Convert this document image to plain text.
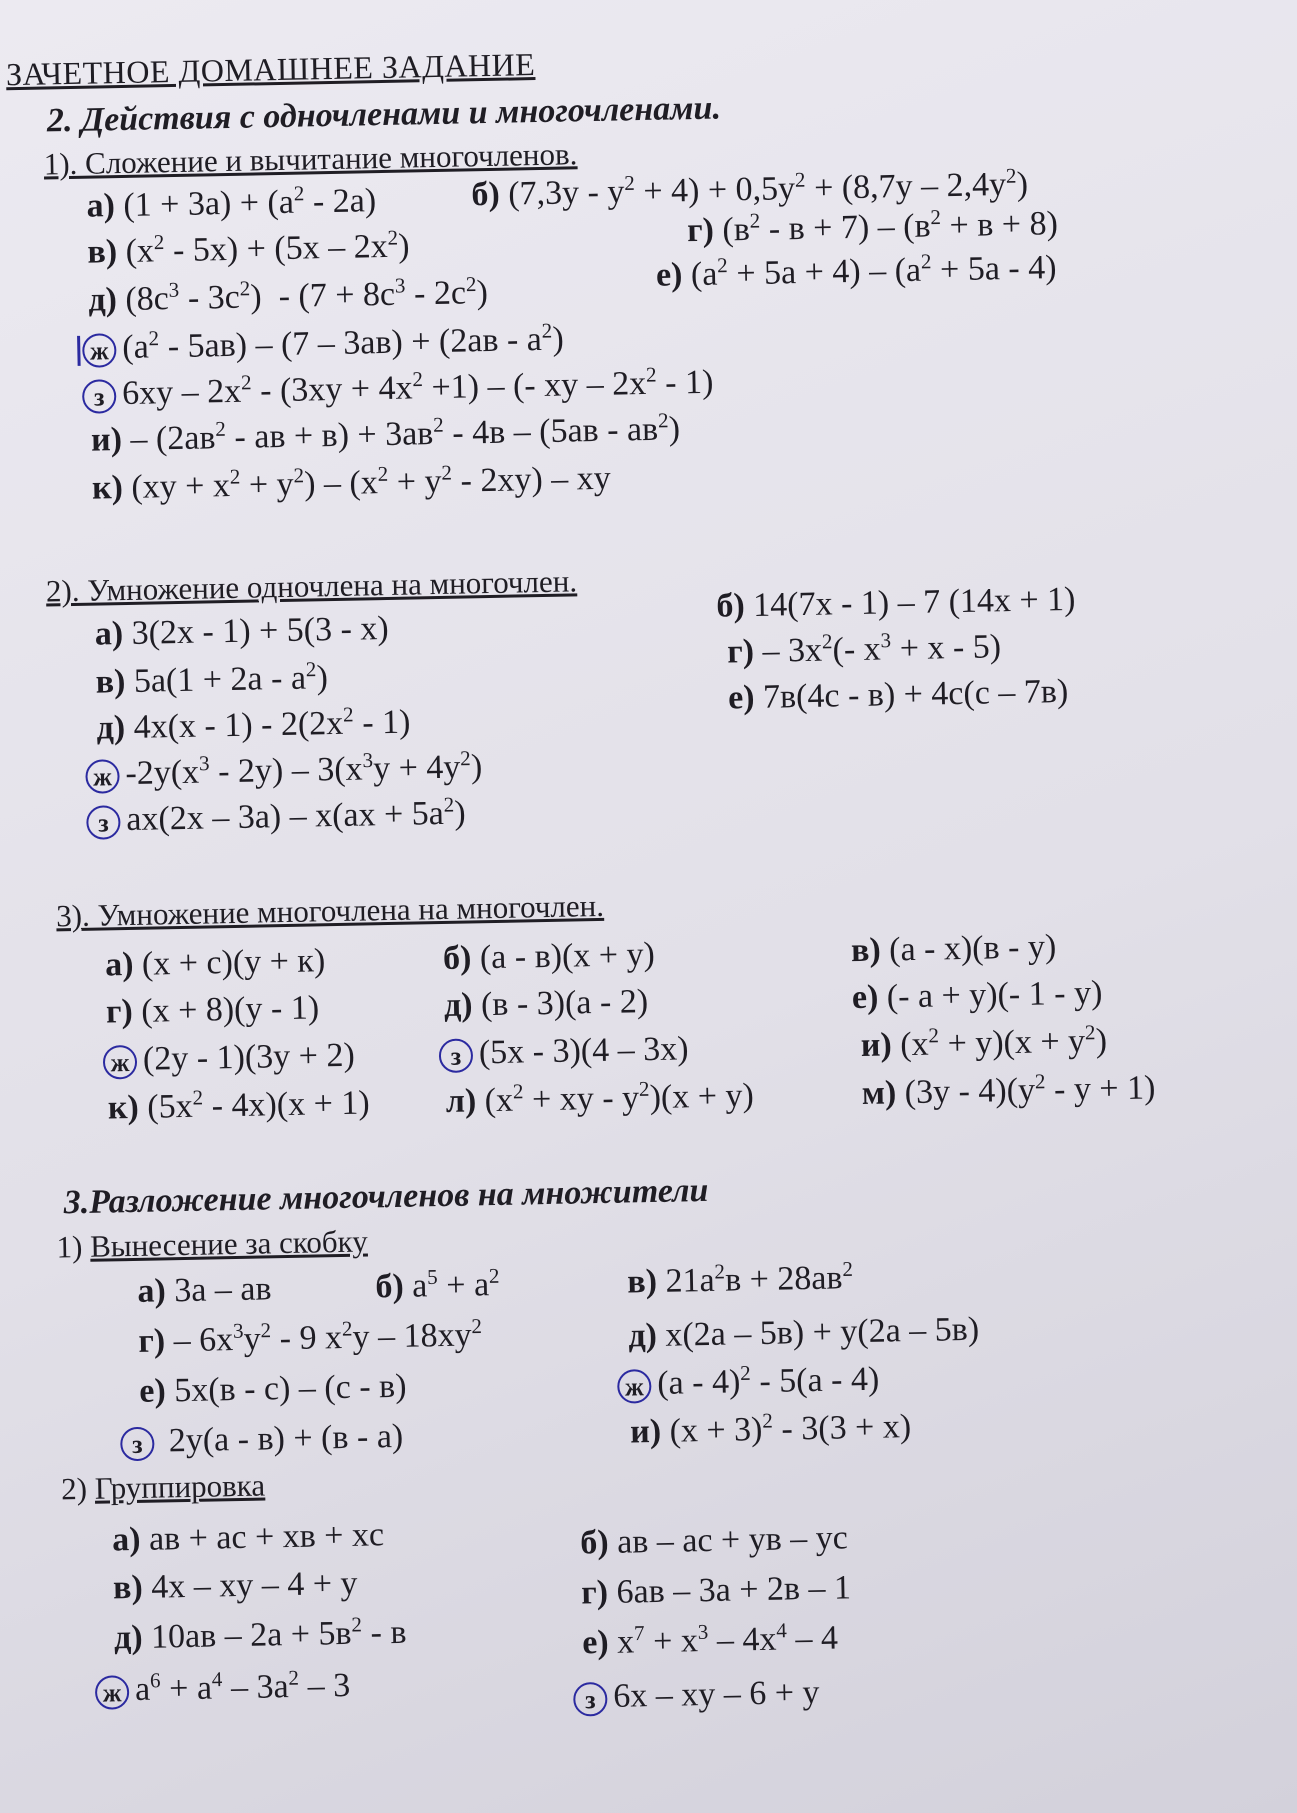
ЗАЧЕТНОЕ ДОМАШНЕЕ ЗАДАНИЕ
2. Действия с одночленами и многочленами.
1). Сложение и вычитание многочленов.
а) $(1 + 3a) + (a^2 - 2a)$	б) $(7,3y - y^2 + 4) + 0,5y^2 + (8,7y - 2,4y^2)$
г) $(в^2 - в + 7) - (в^2 + в + 8)$
в) $(x^2 - 5x) + (5x - 2x^2)$
е) $(a^2 + 5a + 4) - (a^2 + 5a - 4)$
д) $(8c^3 - 3c^2) - (7 + 8c^3 - 2c^2)$
ж $(a^2 - 5aв) - (7 - 3aв) + (2aв - a^2)$
з $6xy - 2x^2 - (3xy + 4x^2 +1)$ – (- xy – $2x^2 - 1$)
$и) - (2aв^2$ - aв + $в) + 3aв^2 - 4в - (5aв - aв^2)$
к) $(xy + x^2 + y^2) - (x^2 + y^2 - 2xy)$ – xy
2). Умножение одночлена на многочлен.
а) 3(2x - 1) + 5(3 - x)
б) 14(7x - 1) – 7 (14x + 1)
$г) - 3x^2(-$ $x^3 + x - 5$)
в) $5a(1 + 2a - a^2)$
е) 7в(4c - в) + 4c(c – 7в)
д) $4x(x - 1) - 2(2x^2 - 1)$
ж $-2y(x^3 - 2y) - 3(x^3y + 4y^2)$
з $ax(2x - 3a) - x(ax + 5a^2)$
3). Умножение многочлена на многочлен.
а) (x + c)(y + к)	б) (a - в)(x + y)	в) (a - x)(в - y)
г) (x + 8)(y - 1)	д) (в - 3)(a - 2)	е) (- a + y)(- 1 - y)
ж (2y - 1)(3y + 2)	з (5x - 3)(4 – 3x)	и) $(x^2 + y)(x + y^2)$
к) $(5x^2 - 4x)(x + 1)$ л) ($x^2$ + xy - $y^2)(x + y)$	м) $(3y - 4)(y^2 - y + 1)$
3.Разложение многочленов на множители
1) Вынесение за скобку
а) 3a – aв	б) $a^5 + a^2$	в) $21a^2в + 28aв^2$
$г) - 6x^3y^2 - 9$ $x^2y - 18xy^2$	д) x(2a – 5в) + y(2a – 5в)
е) 5x(в - c) – (c - в)	ж (a - 4)$^2$ - 5(a - 4)
з 2y(a - в) + (в - a)	и) $(x + 3)^2 - 3(3 + x)$
2) Группировка
а) aв + ac + xв + xc	б) aв – ac + yв – yc
в) 4x – xy – 4 + y	г) 6aв – 3a + 2в – 1
д) $10aв - 2a + 5в^2 - в$	е) $x^7 + x^3 - 4x^4 - 4$
ж $a^6 + a^4 - 3a^2 - 3$	з 6x – xy – 6 + y
